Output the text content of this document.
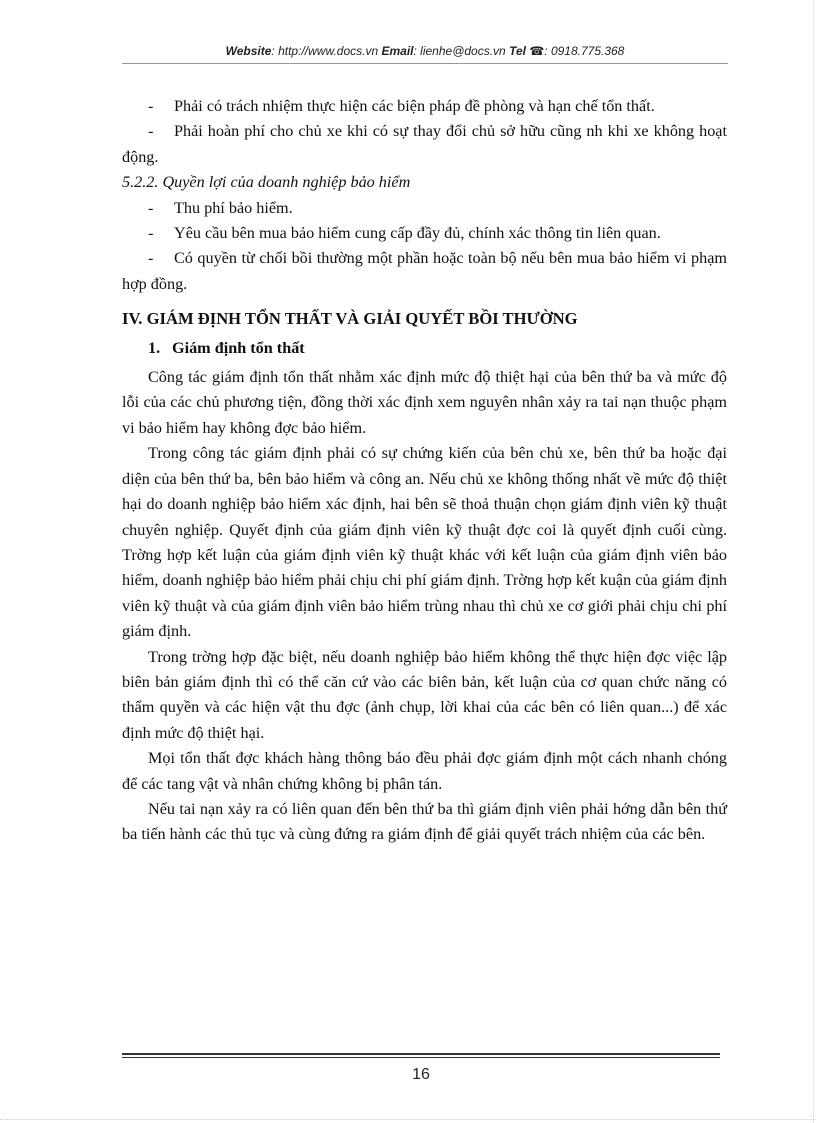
Website: http://www.docs.vn Email: lienhe@docs.vn Tel ☎: 0918.775.368

- Phải có trách nhiệm thực hiện các biện pháp đề phòng và hạn chế tổn thất.

- Phải hoàn phí cho chủ xe khi có sự thay đổi chủ sở hữu cũng nh khi xe không hoạt động.

5.2.2. Quyền lợi của doanh nghiệp bảo hiểm

- Thu phí bảo hiểm.

- Yêu cầu bên mua bảo hiểm cung cấp đầy đủ, chính xác thông tin liên quan.

- Có quyền từ chối bồi thường một phần hoặc toàn bộ nếu bên mua bảo hiểm vi phạm hợp đồng.

IV. GIÁM ĐỊNH TỔN THẤT VÀ GIẢI QUYẾT BỒI THƯỜNG

1. Giám định tổn thất

Công tác giám định tổn thất nhằm xác định mức độ thiệt hại của bên thứ ba và mức độ lỗi của các chủ phương tiện, đồng thời xác định xem nguyên nhân xảy ra tai nạn thuộc phạm vi bảo hiểm hay không đợc bảo hiểm.

Trong công tác giám định phải có sự chứng kiến của bên chủ xe, bên thứ ba hoặc đại diện của bên thứ ba, bên bảo hiểm và công an. Nếu chủ xe không thống nhất về mức độ thiệt hại do doanh nghiệp bảo hiểm xác định, hai bên sẽ thoả thuận chọn giám định viên kỹ thuật chuyên nghiệp. Quyết định của giám định viên kỹ thuật đợc coi là quyết định cuối cùng. Trờng hợp kết luận của giám định viên kỹ thuật khác với kết luận của giám định viên bảo hiểm, doanh nghiệp bảo hiểm phải chịu chi phí giám định. Trờng hợp kết kuận của giám định viên kỹ thuật và của giám định viên bảo hiểm trùng nhau thì chủ xe cơ giới phải chịu chi phí giám định.

Trong trờng hợp đặc biệt, nếu doanh nghiệp bảo hiểm không thể thực hiện đợc việc lập biên bản giám định thì có thể căn cứ vào các biên bản, kết luận của cơ quan chức năng có thẩm quyền và các hiện vật thu đợc (ảnh chụp, lời khai của các bên có liên quan...) để xác định mức độ thiệt hại.

Mọi tổn thất đợc khách hàng thông báo đều phải đợc giám định một cách nhanh chóng để các tang vật và nhân chứng không bị phân tán.

Nếu tai nạn xảy ra có liên quan đến bên thứ ba thì giám định viên phải hớng dẫn bên thứ ba tiến hành các thủ tục và cùng đứng ra giám định để giải quyết trách nhiệm của các bên.

16
